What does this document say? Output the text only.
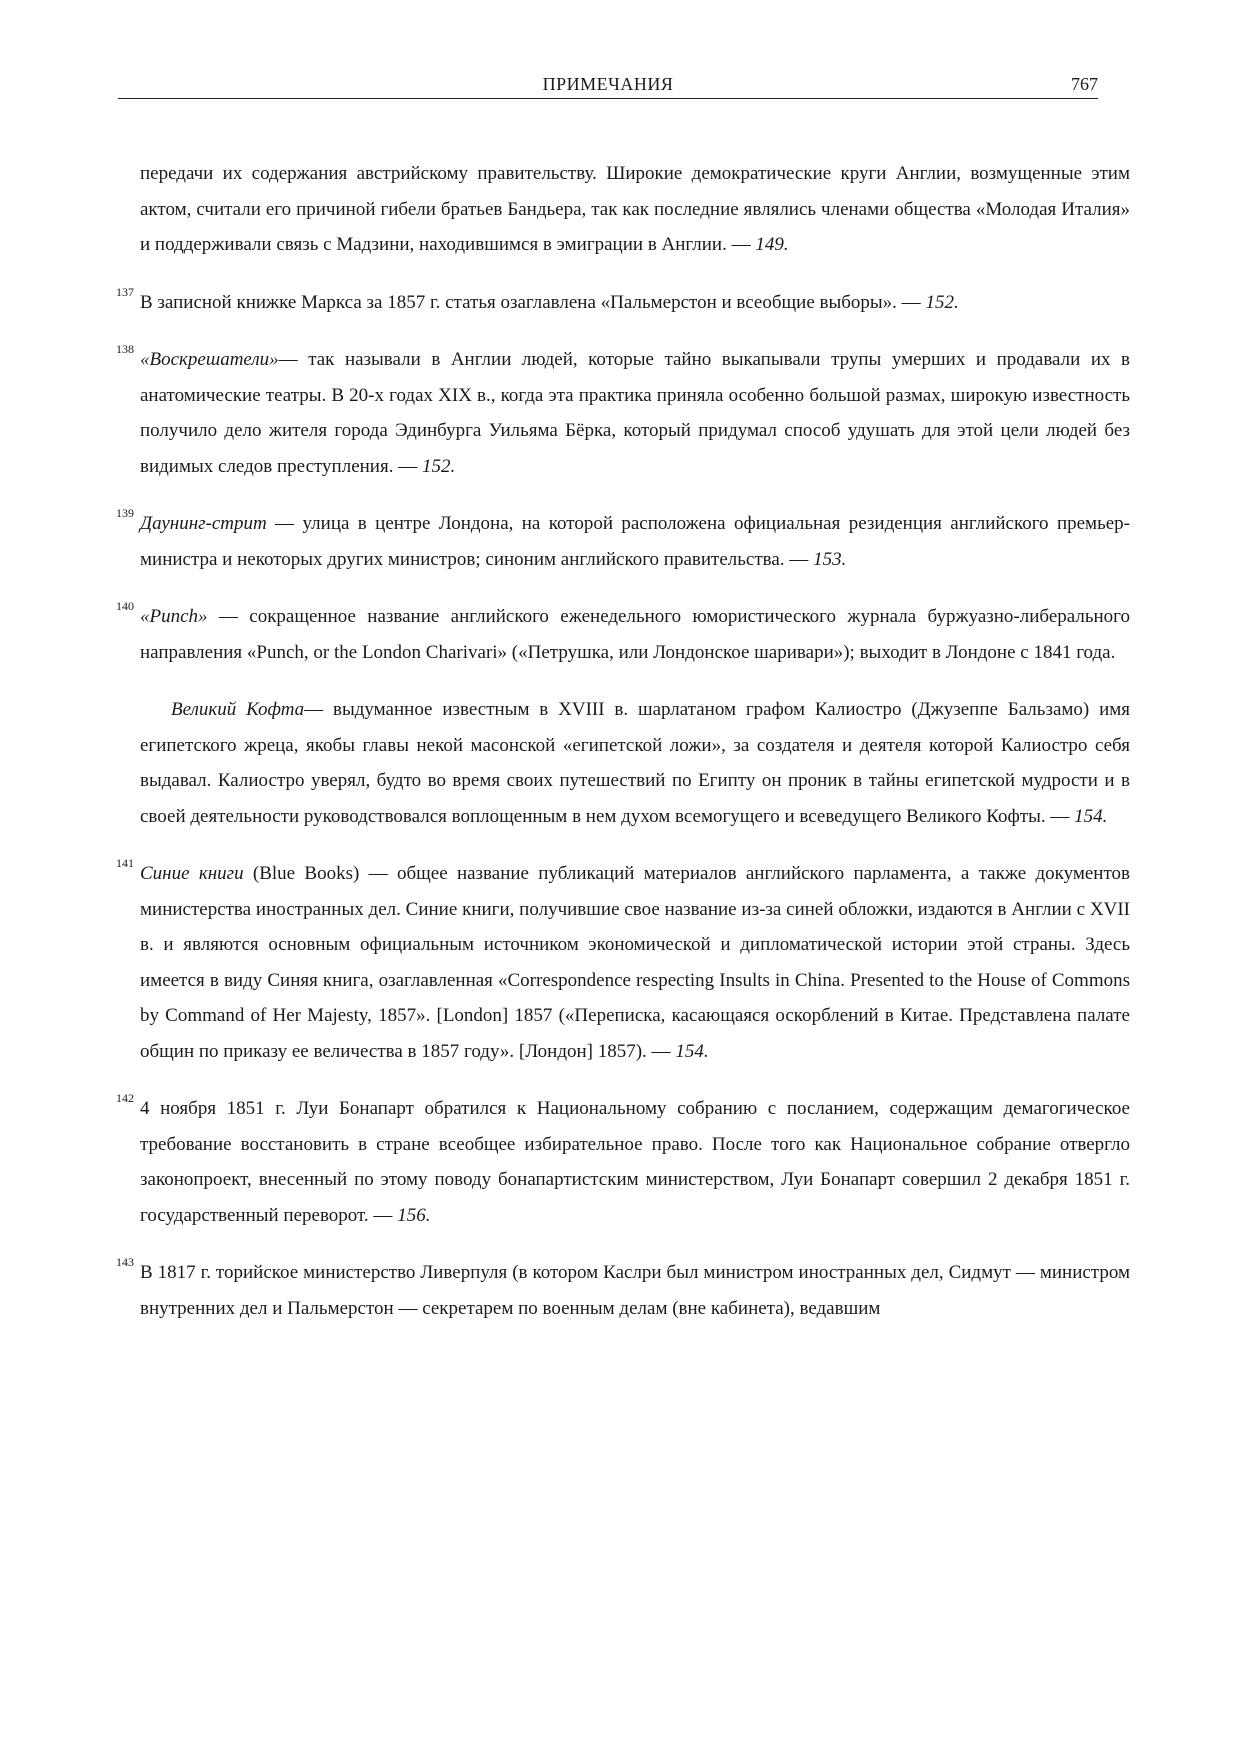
ПРИМЕЧАНИЯ	767

передачи их содержания австрийскому правительству. Широкие демократические круги Англии, возмущенные этим актом, считали его причиной гибели братьев Бандьера, так как последние являлись членами общества «Молодая Италия» и поддерживали связь с Мадзини, находившимся в эмиграции в Англии. — 149.

137 В записной книжке Маркса за 1857 г. статья озаглавлена «Пальмерстон и всеобщие выборы». — 152.

138 «Воскрешатели»— так называли в Англии людей, которые тайно выкапывали трупы умерших и продавали их в анатомические театры. В 20-х годах XIX в., когда эта практика приняла особенно большой размах, широкую известность получило дело жителя города Эдинбурга Уильяма Бёрка, который придумал способ удушать для этой цели людей без видимых следов преступления. — 152.

139 Даунинг-стрит — улица в центре Лондона, на которой расположена официальная резиденция английского премьер-министра и некоторых других министров; синоним английского правительства. — 153.

140 «Punch» — сокращенное название английского еженедельного юмористического журнала буржуазно-либерального направления «Punch, or the London Charivari» («Петрушка, или Лондонское шаривари»); выходит в Лондоне с 1841 года.

Великий Кофта— выдуманное известным в XVIII в. шарлатаном графом Калиостро (Джузеппе Бальзамо) имя египетского жреца, якобы главы некой масонской «египетской ложи», за создателя и деятеля которой Калиостро себя выдавал. Калиостро уверял, будто во время своих путешествий по Египту он проник в тайны египетской мудрости и в своей деятельности руководствовался воплощенным в нем духом всемогущего и всеведущего Великого Кофты. — 154.

141 Синие книги (Blue Books) — общее название публикаций материалов английского парламента, а также документов министерства иностранных дел. Синие книги, получившие свое название из-за синей обложки, издаются в Англии с XVII в. и являются основным официальным источником экономической и дипломатической истории этой страны. Здесь имеется в виду Синяя книга, озаглавленная «Correspondence respecting Insults in China. Presented to the House of Commons by Command of Her Majesty, 1857». [London] 1857 («Переписка, касающаяся оскорблений в Китае. Представлена палате общин по приказу ее величества в 1857 году». [Лондон] 1857). — 154.

142 4 ноября 1851 г. Луи Бонапарт обратился к Национальному собранию с посланием, содержащим демагогическое требование восстановить в стране всеобщее избирательное право. После того как Национальное собрание отвергло законопроект, внесенный по этому поводу бонапартистским министерством, Луи Бонапарт совершил 2 декабря 1851 г. государственный переворот. — 156.

143 В 1817 г. торийское министерство Ливерпуля (в котором Каслри был министром иностранных дел, Сидмут — министром внутренних дел и Пальмерстон — секретарем по военным делам (вне кабинета), ведавшим
